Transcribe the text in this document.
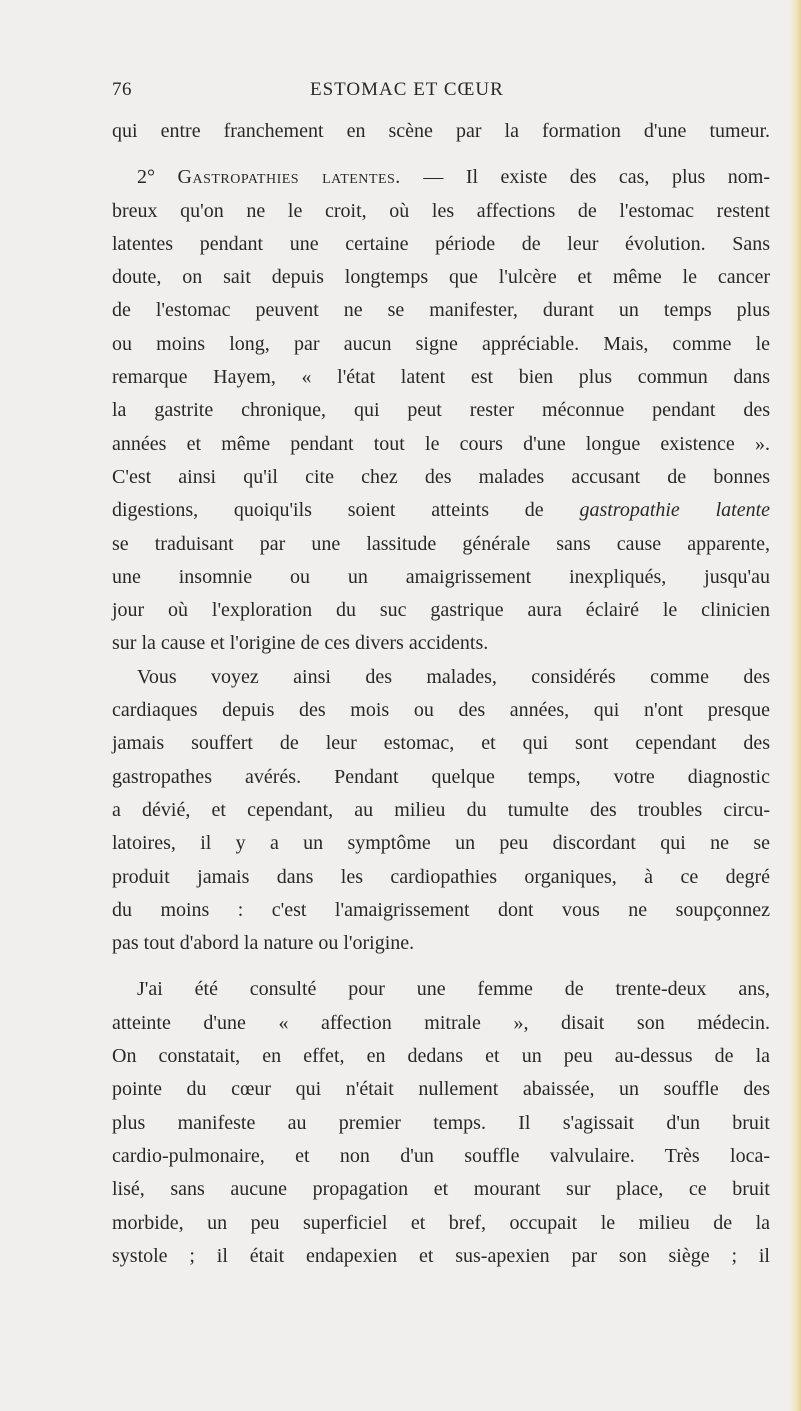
76	ESTOMAC ET CŒUR
qui entre franchement en scène par la formation d'une tumeur.
2° Gastropathies latentes. — Il existe des cas, plus nom-
breux qu'on ne le croit, où les affections de l'estomac restent
latentes pendant une certaine période de leur évolution. Sans
doute, on sait depuis longtemps que l'ulcère et même le cancer
de l'estomac peuvent ne se manifester, durant un temps plus
ou moins long, par aucun signe appréciable. Mais, comme le
remarque Hayem, « l'état latent est bien plus commun dans
la gastrite chronique, qui peut rester méconnue pendant des
années et même pendant tout le cours d'une longue existence ».
C'est ainsi qu'il cite chez des malades accusant de bonnes
digestions, quoiqu'ils soient atteints de gastropathie latente
se traduisant par une lassitude générale sans cause apparente,
une insomnie ou un amaigrissement inexpliqués, jusqu'au
jour où l'exploration du suc gastrique aura éclairé le clinicien
sur la cause et l'origine de ces divers accidents.
Vous voyez ainsi des malades, considérés comme des
cardiaques depuis des mois ou des années, qui n'ont presque
jamais souffert de leur estomac, et qui sont cependant des
gastropathes avérés. Pendant quelque temps, votre diagnostic
a dévié, et cependant, au milieu du tumulte des troubles circu-
latoires, il y a un symptôme un peu discordant qui ne se
produit jamais dans les cardiopathies organiques, à ce degré
du moins : c'est l'amaigrissement dont vous ne soupçonnez
pas tout d'abord la nature ou l'origine.
J'ai été consulté pour une femme de trente-deux ans,
atteinte d'une « affection mitrale », disait son médecin.
On constatait, en effet, en dedans et un peu au-dessus de la
pointe du cœur qui n'était nullement abaissée, un souffle des
plus manifeste au premier temps. Il s'agissait d'un bruit
cardio-pulmonaire, et non d'un souffle valvulaire. Très loca-
lisé, sans aucune propagation et mourant sur place, ce bruit
morbide, un peu superficiel et bref, occupait le milieu de la
systole ; il était endapexien et sus-apexien par son siège ; il
